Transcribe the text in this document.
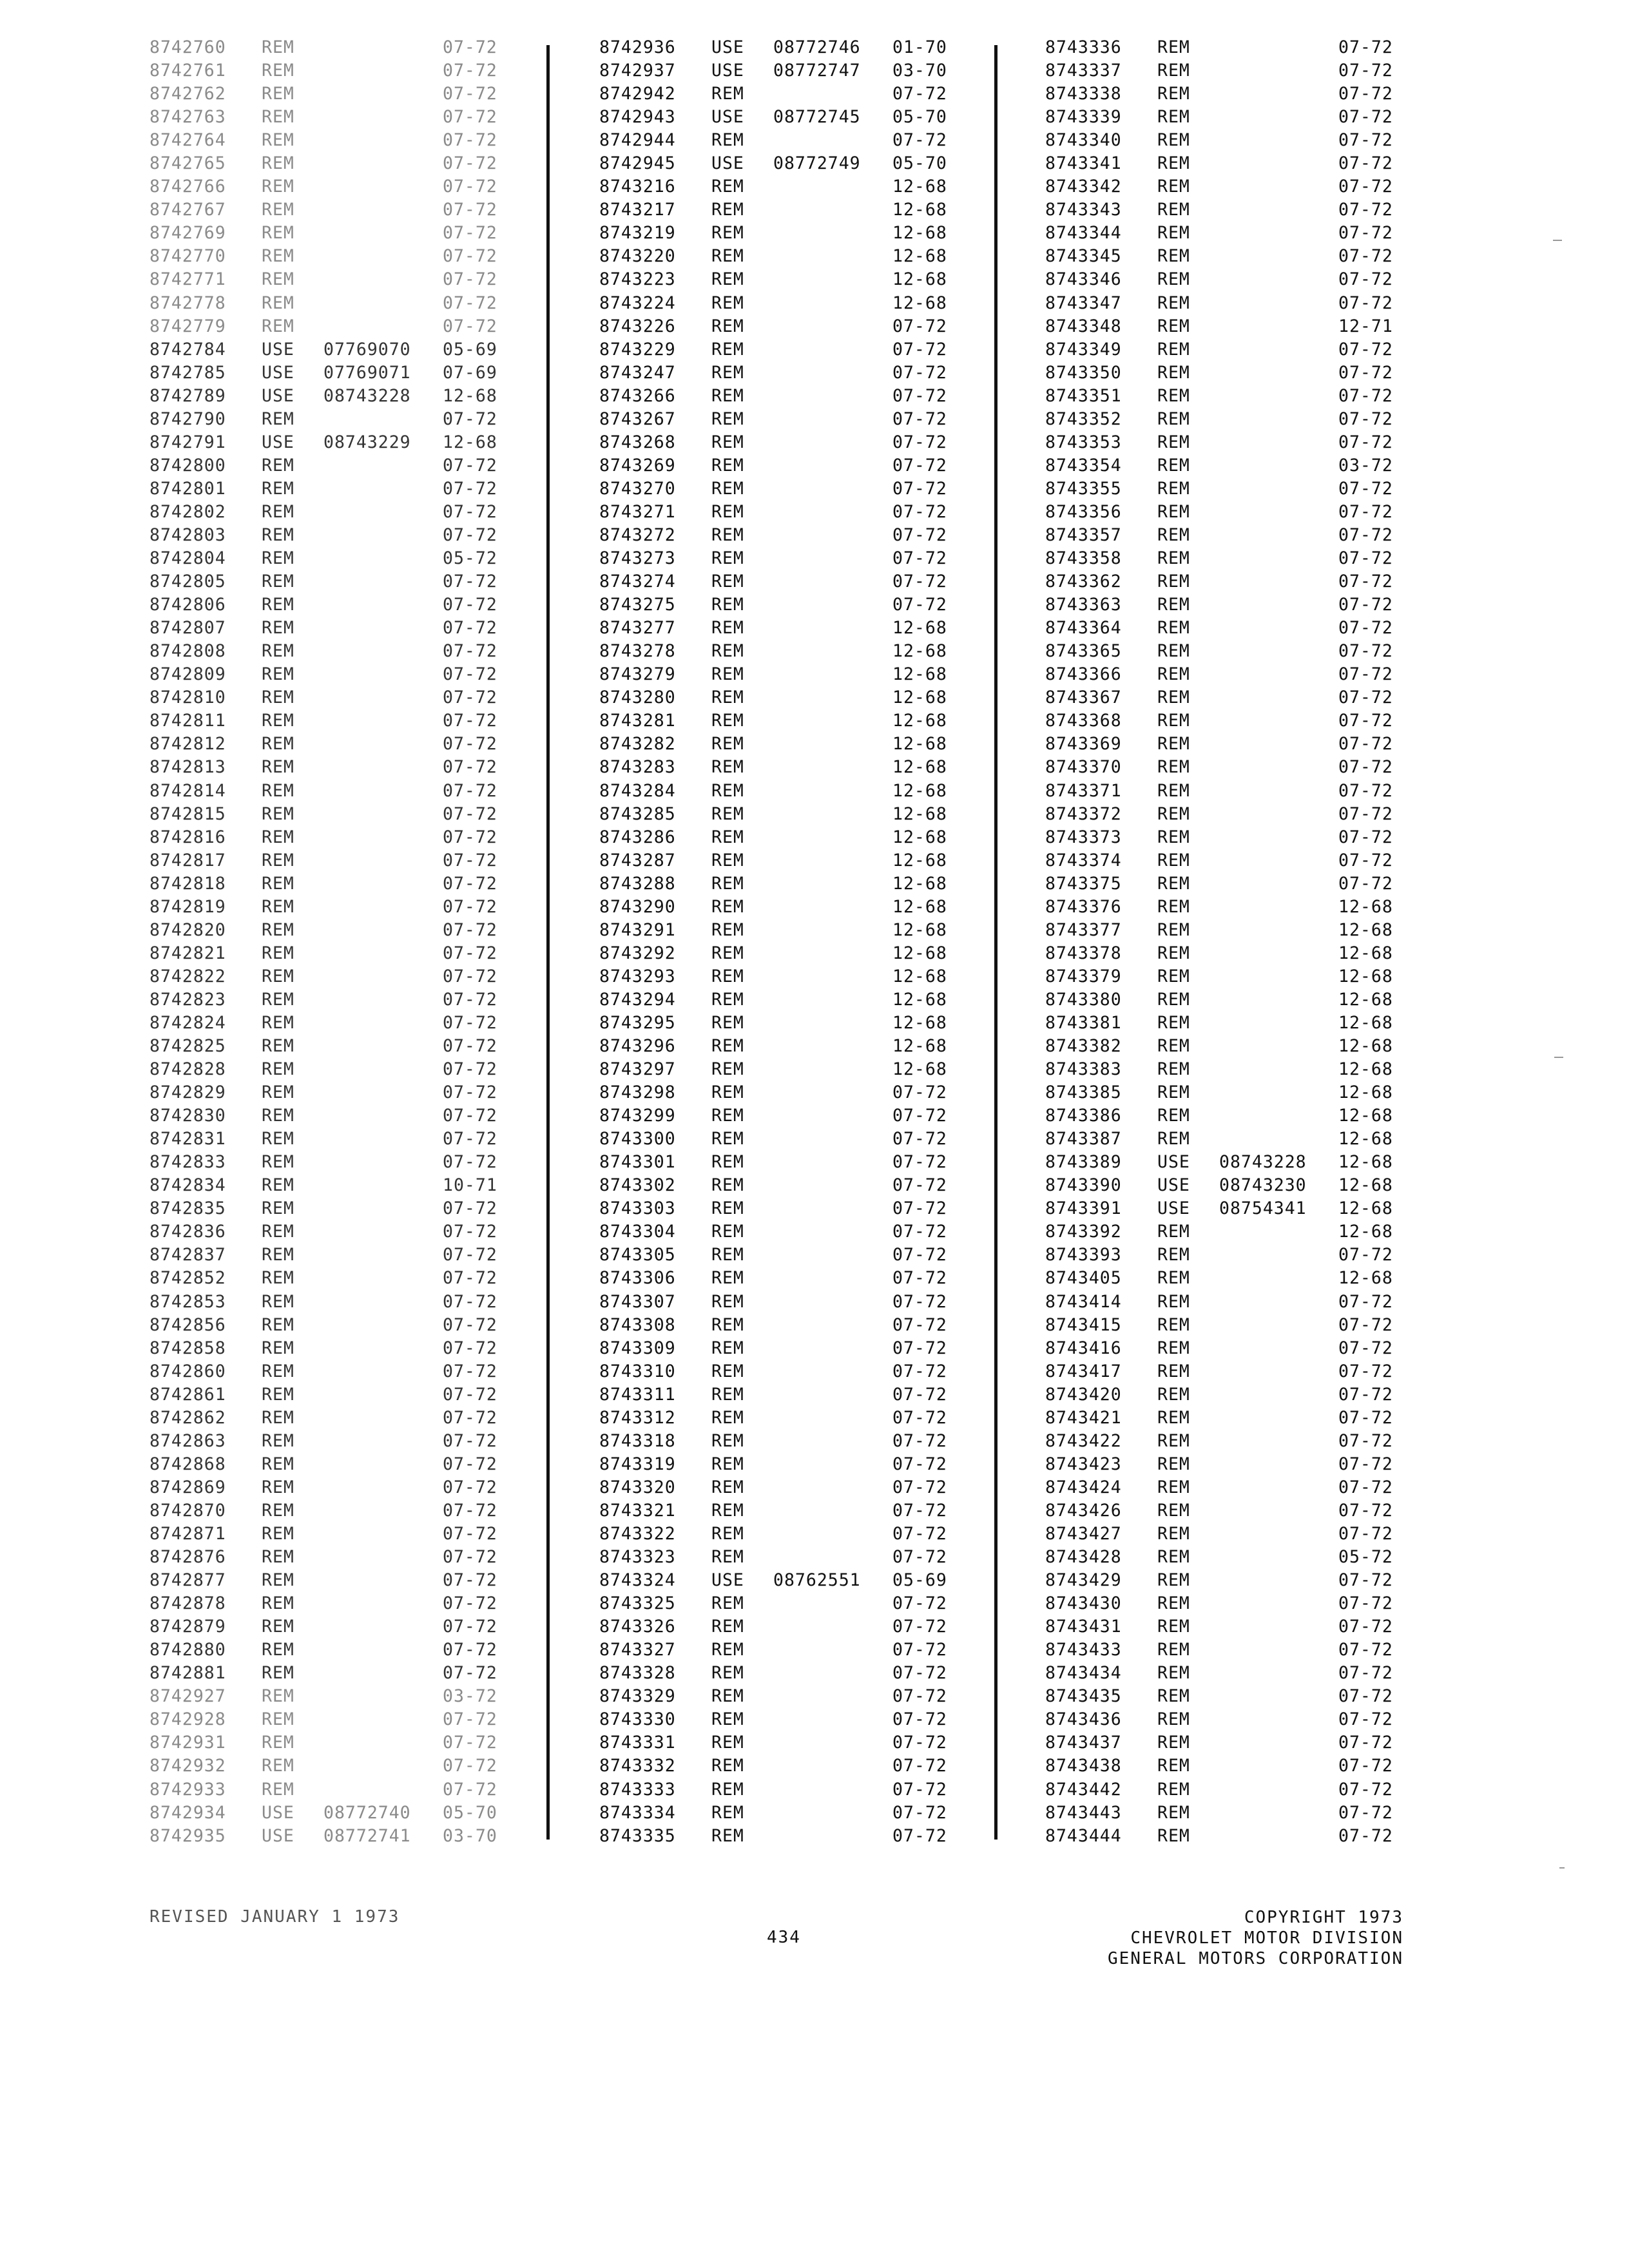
8742760 REM	07-72
8742761 REM	07-72
8742762 REM	07-72
8742763 REM	07-72
8742764 REM	07-72
8742765 REM	07-72
8742766 REM	07-72
8742767 REM	07-72
8742769 REM	07-72
8742770 REM	07-72
8742771 REM	07-72
8742778 REM	07-72
8742779 REM	07-72
8742784 USE 07769070 05-69
8742785 USE 07769071 07-69
8742789 USE 08743228 12-68
8742790 REM	07-72
8742791 USE 08743229 12-68
8742800 REM	07-72
8742801 REM	07-72
8742802 REM	07-72
8742803 REM	07-72
8742804 REM	05-72
8742805 REM	07-72
8742806 REM	07-72
8742807 REM	07-72
8742808 REM	07-72
8742809 REM	07-72
8742810 REM	07-72
8742811 REM	07-72
8742812 REM	07-72
8742813 REM	07-72
8742814 REM	07-72
8742815 REM	07-72
8742816 REM	07-72
8742817 REM	07-72
8742818 REM	07-72
8742819 REM	07-72
8742820 REM	07-72
8742821 REM	07-72
8742822 REM	07-72
8742823 REM	07-72
8742824 REM	07-72
8742825 REM	07-72
8742828 REM	07-72
8742829 REM	07-72
8742830 REM	07-72
8742831 REM	07-72
8742833 REM	07-72
8742834 REM	10-71
8742835 REM	07-72
8742836 REM	07-72
8742837 REM	07-72
8742852 REM	07-72
8742853 REM	07-72
8742856 REM	07-72
8742858 REM	07-72
8742860 REM	07-72
8742861 REM	07-72
8742862 REM	07-72
8742863 REM	07-72
8742868 REM	07-72
8742869 REM	07-72
8742870 REM	07-72
8742871 REM	07-72
8742876 REM	07-72
8742877 REM	07-72
8742878 REM	07-72
8742879 REM	07-72
8742880 REM	07-72
8742881 REM	07-72
8742927 REM	03-72
8742928 REM	07-72
8742931 REM	07-72
8742932 REM	07-72
8742933 REM	07-72
8742934 USE 08772740 05-70
8742935 USE 08772741 03-70
8742936 USE 08772746 01-70
8742937 USE 08772747 03-70
8742942 REM	07-72
8742943 USE 08772745 05-70
8742944 REM	07-72
8742945 USE 08772749 05-70
8743216 REM	12-68
8743217 REM	12-68
8743219 REM	12-68
8743220 REM	12-68
8743223 REM	12-68
8743224 REM	12-68
8743226 REM	07-72
8743229 REM	07-72
8743247 REM	07-72
8743266 REM	07-72
8743267 REM	07-72
8743268 REM	07-72
8743269 REM	07-72
8743270 REM	07-72
8743271 REM	07-72
8743272 REM	07-72
8743273 REM	07-72
8743274 REM	07-72
8743275 REM	07-72
8743277 REM	12-68
8743278 REM	12-68
8743279 REM	12-68
8743280 REM	12-68
8743281 REM	12-68
8743282 REM	12-68
8743283 REM	12-68
8743284 REM	12-68
8743285 REM	12-68
8743286 REM	12-68
8743287 REM	12-68
8743288 REM	12-68
8743290 REM	12-68
8743291 REM	12-68
8743292 REM	12-68
8743293 REM	12-68
8743294 REM	12-68
8743295 REM	12-68
8743296 REM	12-68
8743297 REM	12-68
8743298 REM	07-72
8743299 REM	07-72
8743300 REM	07-72
8743301 REM	07-72
8743302 REM	07-72
8743303 REM	07-72
8743304 REM	07-72
8743305 REM	07-72
8743306 REM	07-72
8743307 REM	07-72
8743308 REM	07-72
8743309 REM	07-72
8743310 REM	07-72
8743311 REM	07-72
8743312 REM	07-72
8743318 REM	07-72
8743319 REM	07-72
8743320 REM	07-72
8743321 REM	07-72
8743322 REM	07-72
8743323 REM	07-72
8743324 USE 08762551 05-69
8743325 REM	07-72
8743326 REM	07-72
8743327 REM	07-72
8743328 REM	07-72
8743329 REM	07-72
8743330 REM	07-72
8743331 REM	07-72
8743332 REM	07-72
8743333 REM	07-72
8743334 REM	07-72
8743335 REM	07-72
8743336 REM	07-72
8743337 REM	07-72
8743338 REM	07-72
8743339 REM	07-72
8743340 REM	07-72
8743341 REM	07-72
8743342 REM	07-72
8743343 REM	07-72
8743344 REM	07-72
8743345 REM	07-72
8743346 REM	07-72
8743347 REM	07-72
8743348 REM	12-71
8743349 REM	07-72
8743350 REM	07-72
8743351 REM	07-72
8743352 REM	07-72
8743353 REM	07-72
8743354 REM	03-72
8743355 REM	07-72
8743356 REM	07-72
8743357 REM	07-72
8743358 REM	07-72
8743362 REM	07-72
8743363 REM	07-72
8743364 REM	07-72
8743365 REM	07-72
8743366 REM	07-72
8743367 REM	07-72
8743368 REM	07-72
8743369 REM	07-72
8743370 REM	07-72
8743371 REM	07-72
8743372 REM	07-72
8743373 REM	07-72
8743374 REM	07-72
8743375 REM	07-72
8743376 REM	12-68
8743377 REM	12-68
8743378 REM	12-68
8743379 REM	12-68
8743380 REM	12-68
8743381 REM	12-68
8743382 REM	12-68
8743383 REM	12-68
8743385 REM	12-68
8743386 REM	12-68
8743387 REM	12-68
8743389 USE 08743228 12-68
8743390 USE 08743230 12-68
8743391 USE 08754341 12-68
8743392 REM	12-68
8743393 REM	07-72
8743405 REM	12-68
8743414 REM	07-72
8743415 REM	07-72
8743416 REM	07-72
8743417 REM	07-72
8743420 REM	07-72
8743421 REM	07-72
8743422 REM	07-72
8743423 REM	07-72
8743424 REM	07-72
8743426 REM	07-72
8743427 REM	07-72
8743428 REM	05-72
8743429 REM	07-72
8743430 REM	07-72
8743431 REM	07-72
8743433 REM	07-72
8743434 REM	07-72
8743435 REM	07-72
8743436 REM	07-72
8743437 REM	07-72
8743438 REM	07-72
8743442 REM	07-72
8743443 REM	07-72
8743444 REM	07-72
REVISED JANUARY 1 1973
434
COPYRIGHT 1973
CHEVROLET MOTOR DIVISION
GENERAL MOTORS CORPORATION
